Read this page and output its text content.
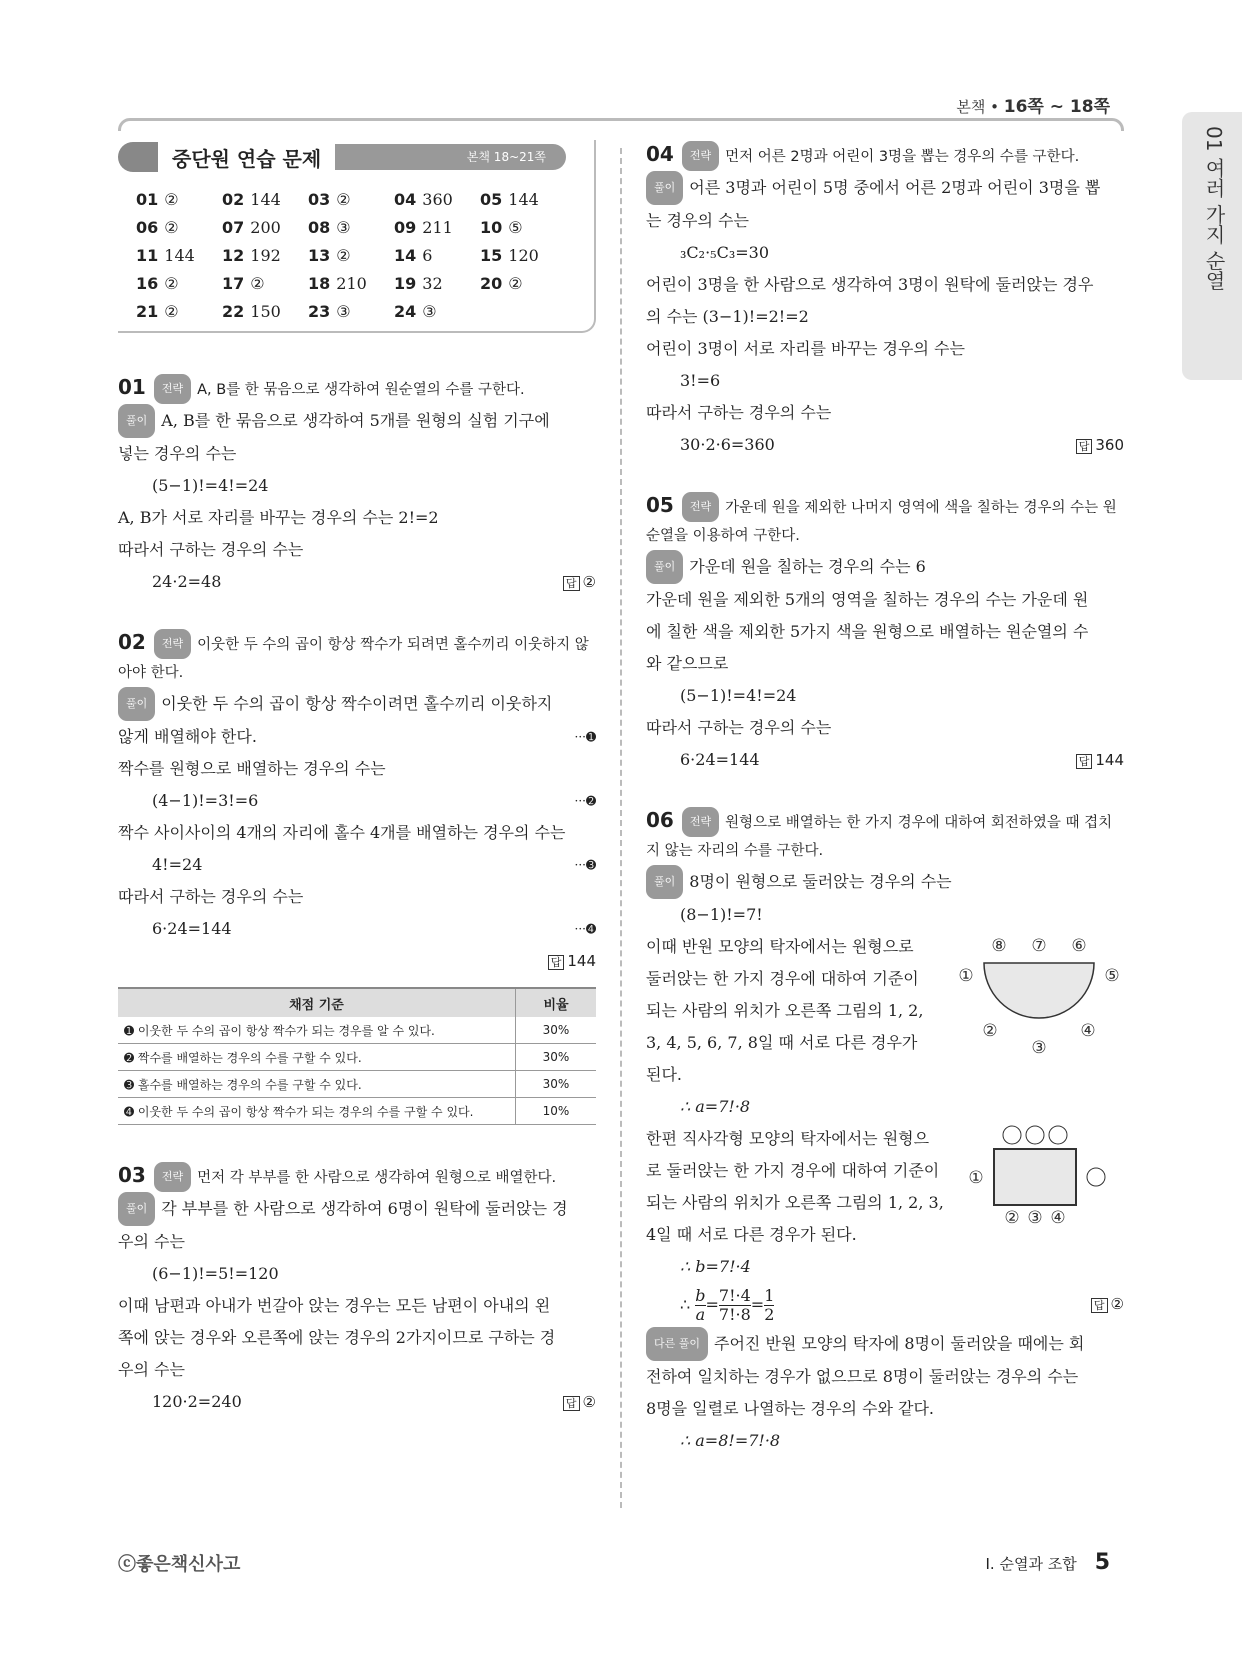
본책 • 16쪽 ~ 18쪽
01 여러 가지 순열
중단원 연습 문제	본책 18~21쪽
01 ②	02 144	03 ②	04 360	05 144
06 ②	07 200	08 ③	09 211	10 ⑤
11 144	12 192	13 ②	14 6	15 120
16 ②	17 ②	18 210	19 32	20 ②
21 ②	22 150	23 ③	24 ③
01 전략 A, B를 한 묶음으로 생각하여 원순열의 수를 구한다.
풀이 A, B를 한 묶음으로 생각하여 5개를 원형의 실험 기구에
넣는 경우의 수는
(5−1)!=4!=24
A, B가 서로 자리를 바꾸는 경우의 수는 2!=2
따라서 구하는 경우의 수는
24·2=48	답 ②
02 전략 이웃한 두 수의 곱이 항상 짝수가 되려면 홀수끼리 이웃하지 않아야 한다.
풀이 이웃한 두 수의 곱이 항상 짝수이려면 홀수끼리 이웃하지
않게 배열해야 한다.	···➊
짝수를 원형으로 배열하는 경우의 수는
(4−1)!=3!=6	···➋
짝수 사이사이의 4개의 자리에 홀수 4개를 배열하는 경우의 수는
4!=24	···➌
따라서 구하는 경우의 수는
6·24=144	···➍
답 144
채점 기준	비율
➊ 이웃한 두 수의 곱이 항상 짝수가 되는 경우를 알 수 있다.	30%
➋ 짝수를 배열하는 경우의 수를 구할 수 있다.	30%
➌ 홀수를 배열하는 경우의 수를 구할 수 있다.	30%
➍ 이웃한 두 수의 곱이 항상 짝수가 되는 경우의 수를 구할 수 있다.	10%
03 전략 먼저 각 부부를 한 사람으로 생각하여 원형으로 배열한다.
풀이 각 부부를 한 사람으로 생각하여 6명이 원탁에 둘러앉는 경
우의 수는
(6−1)!=5!=120
이때 남편과 아내가 번갈아 앉는 경우는 모든 남편이 아내의 왼
쪽에 앉는 경우와 오른쪽에 앉는 경우의 2가지이므로 구하는 경
우의 수는
120·2=240	답 ②
04 전략 먼저 어른 2명과 어린이 3명을 뽑는 경우의 수를 구한다.
풀이 어른 3명과 어린이 5명 중에서 어른 2명과 어린이 3명을 뽑
는 경우의 수는
₃C₂·₅C₃=30
어린이 3명을 한 사람으로 생각하여 3명이 원탁에 둘러앉는 경우
의 수는 (3−1)!=2!=2
어린이 3명이 서로 자리를 바꾸는 경우의 수는
3!=6
따라서 구하는 경우의 수는
30·2·6=360	답 360
05 전략 가운데 원을 제외한 나머지 영역에 색을 칠하는 경우의 수는 원순열을 이용하여 구한다.
풀이 가운데 원을 칠하는 경우의 수는 6
가운데 원을 제외한 5개의 영역을 칠하는 경우의 수는 가운데 원
에 칠한 색을 제외한 5가지 색을 원형으로 배열하는 원순열의 수
와 같으므로
(5−1)!=4!=24
따라서 구하는 경우의 수는
6·24=144	답 144
06 전략 원형으로 배열하는 한 가지 경우에 대하여 회전하였을 때 겹치지 않는 자리의 수를 구한다.
풀이 8명이 원형으로 둘러앉는 경우의 수는
(8−1)!=7!
①
②
③
④
⑤
⑥
⑦
⑧
이때 반원 모양의 탁자에서는 원형으로
둘러앉는 한 가지 경우에 대하여 기준이
되는 사람의 위치가 오른쪽 그림의 1, 2,
3, 4, 5, 6, 7, 8일 때 서로 다른 경우가
된다.
∴ a=7!·8
①
② ③ ④
한편 직사각형 모양의 탁자에서는 원형으
로 둘러앉는 한 가지 경우에 대하여 기준이
되는 사람의 위치가 오른쪽 그림의 1, 2, 3,
4일 때 서로 다른 경우가 된다.
∴ b=7!·4
∴ $\frac{b}{a} = \frac{7!\cdot 4}{7!\cdot 8} = \frac{1}{2}$	답 ②
다른 풀이 주어진 반원 모양의 탁자에 8명이 둘러앉을 때에는 회
전하여 일치하는 경우가 없으므로 8명이 둘러앉는 경우의 수는
8명을 일렬로 나열하는 경우의 수와 같다.
∴ a=8!=7!·8
ⓒ좋은책신사고	Ⅰ. 순열과 조합 5
